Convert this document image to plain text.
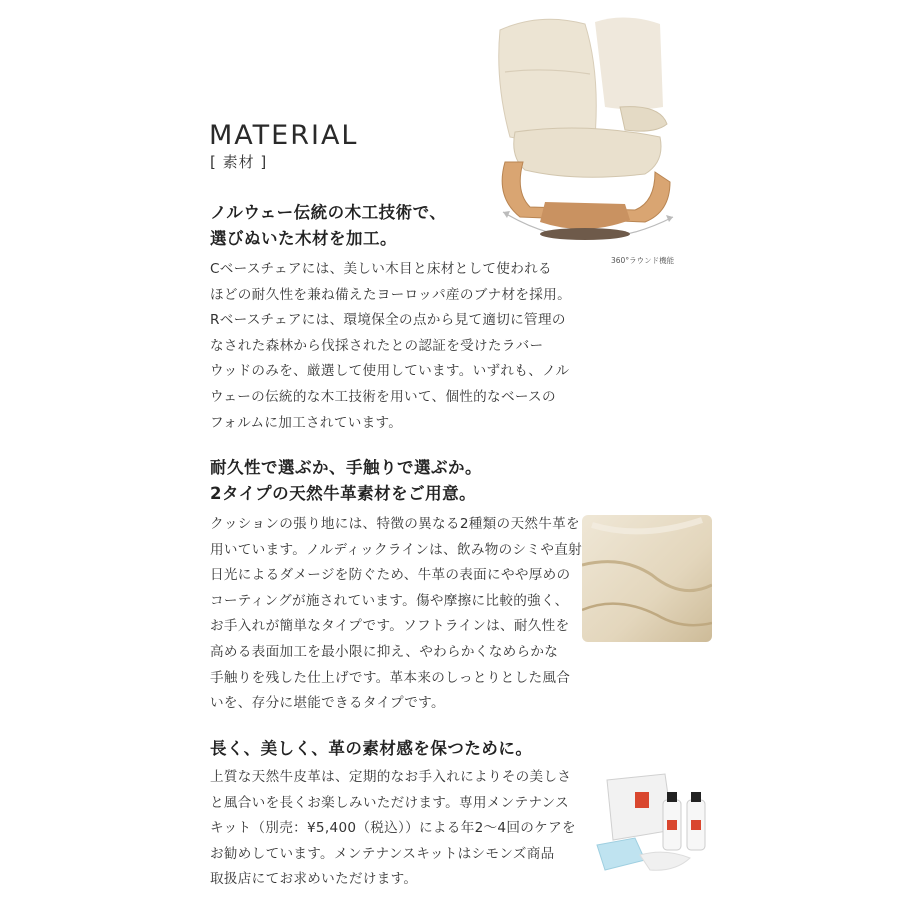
MATERIAL
[ 素材 ]
360°ラウンド機能
ノルウェー伝統の木工技術で、
選びぬいた木材を加工。
Cベースチェアには、美しい木目と床材として使われる
ほどの耐久性を兼ね備えたヨーロッパ産のブナ材を採用。
Rベースチェアには、環境保全の点から見て適切に管理の
なされた森林から伐採されたとの認証を受けたラバー
ウッドのみを、厳選して使用しています。いずれも、ノル
ウェーの伝統的な木工技術を用いて、個性的なベースの
フォルムに加工されています。
耐久性で選ぶか、手触りで選ぶか。
2タイプの天然牛革素材をご用意。
クッションの張り地には、特徴の異なる2種類の天然牛革を
用いています。ノルディックラインは、飲み物のシミや直射
日光によるダメージを防ぐため、牛革の表面にやや厚めの
コーティングが施されています。傷や摩擦に比較的強く、
お手入れが簡単なタイプです。ソフトラインは、耐久性を
高める表面加工を最小限に抑え、やわらかくなめらかな
手触りを残した仕上げです。革本来のしっとりとした風合
いを、存分に堪能できるタイプです。
長く、美しく、革の素材感を保つために。
上質な天然牛皮革は、定期的なお手入れによりその美しさ
と風合いを長くお楽しみいただけます。専用メンテナンス
キット（別売：¥5,400（税込））による年2〜4回のケアを
お勧めしています。メンテナンスキットはシモンズ商品
取扱店にてお求めいただけます。
